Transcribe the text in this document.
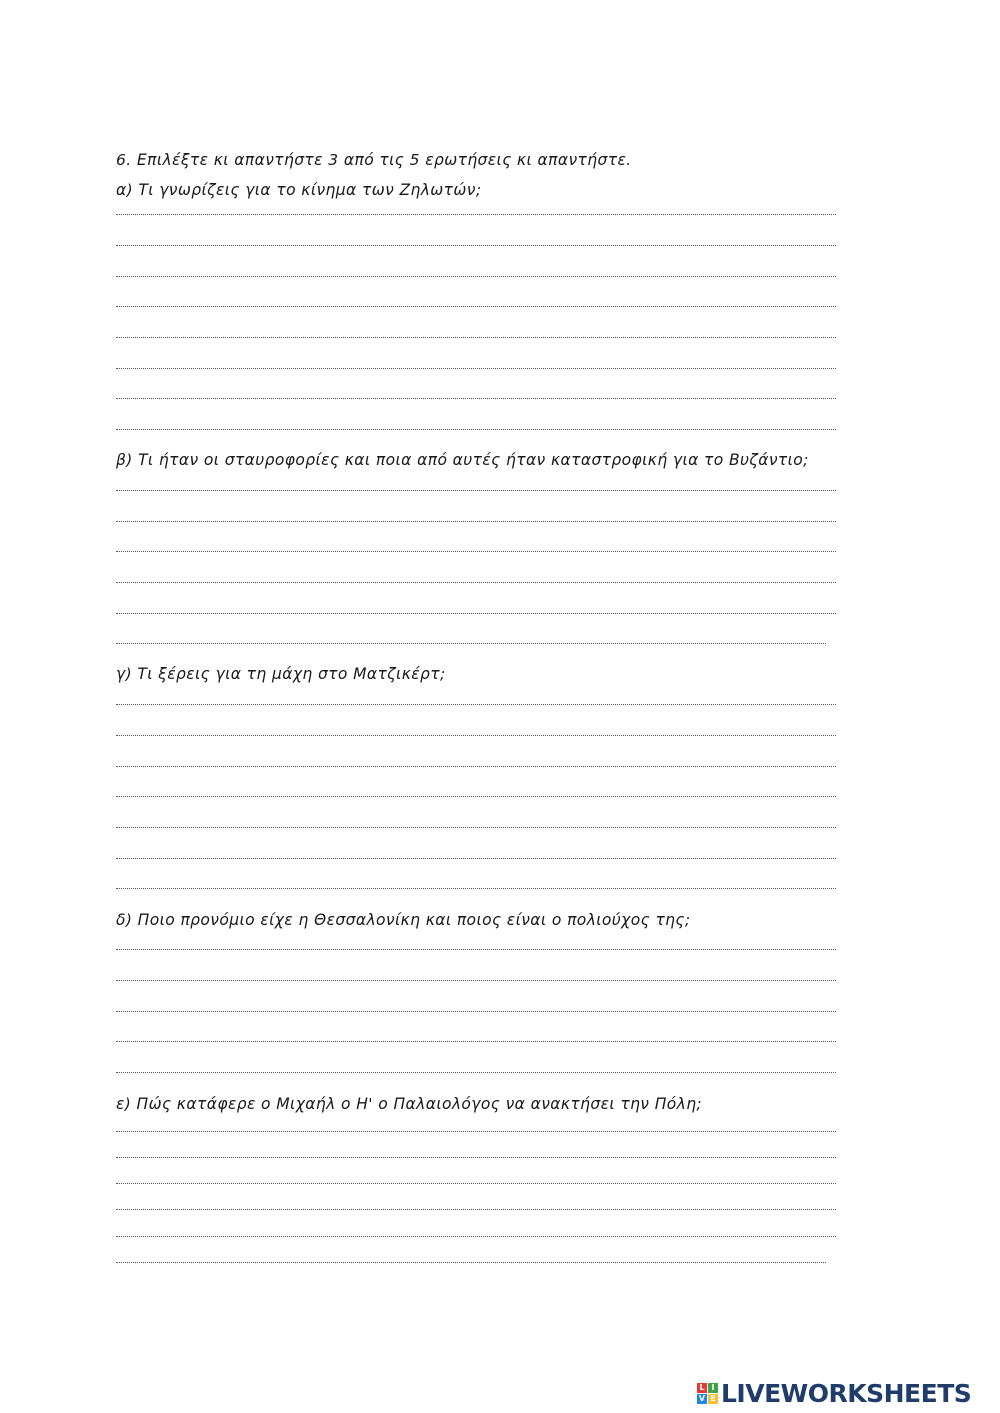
6. Επιλέξτε κι απαντήστε 3 από τις 5 ερωτήσεις κι απαντήστε.
α) Τι γνωρίζεις για το κίνημα των Ζηλωτών;
β) Τι ήταν οι σταυροφορίες και ποια από αυτές ήταν καταστροφική για το Βυζάντιο;
γ) Τι ξέρεις για τη μάχη στο Ματζικέρτ;
δ) Ποιο προνόμιο είχε η Θεσσαλονίκη και ποιος είναι ο πολιούχος της;
ε) Πώς κατάφερε ο Μιχαήλ ο Η' ο Παλαιολόγος να ανακτήσει την Πόλη;
L I
V E LIVEWORKSHEETS
